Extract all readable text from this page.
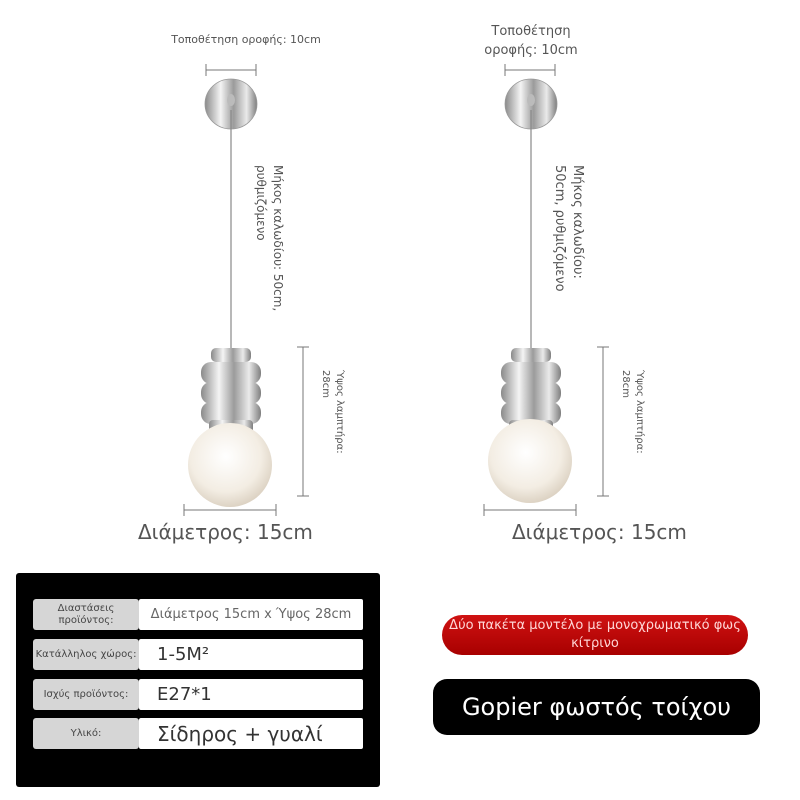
Τοποθέτηση οροφής: 10cm
Μήκος καλωδίου: 50cm, ρυθμιζόμενο
Ύψος λαμπτήρα: 28cm
Διάμετρος: 15cm
Τοποθέτηση
οροφής: 10cm
Μήκος καλωδίου: 50cm, ρυθμιζόμενο
Ύψος λαμπτήρα: 28cm
Διάμετρος: 15cm
Διαστάσεις προϊόντος:	Διάμετρος 15cm x Ύψος 28cm
Κατάλληλος χώρος:	1-5M²
Ισχύς προϊόντος:	E27*1
Υλικό:	Σίδηρος + γυαλί
Δύο πακέτα μοντέλο με μονοχρωματικό φως κίτρινο
Gopier φωστός τοίχου
